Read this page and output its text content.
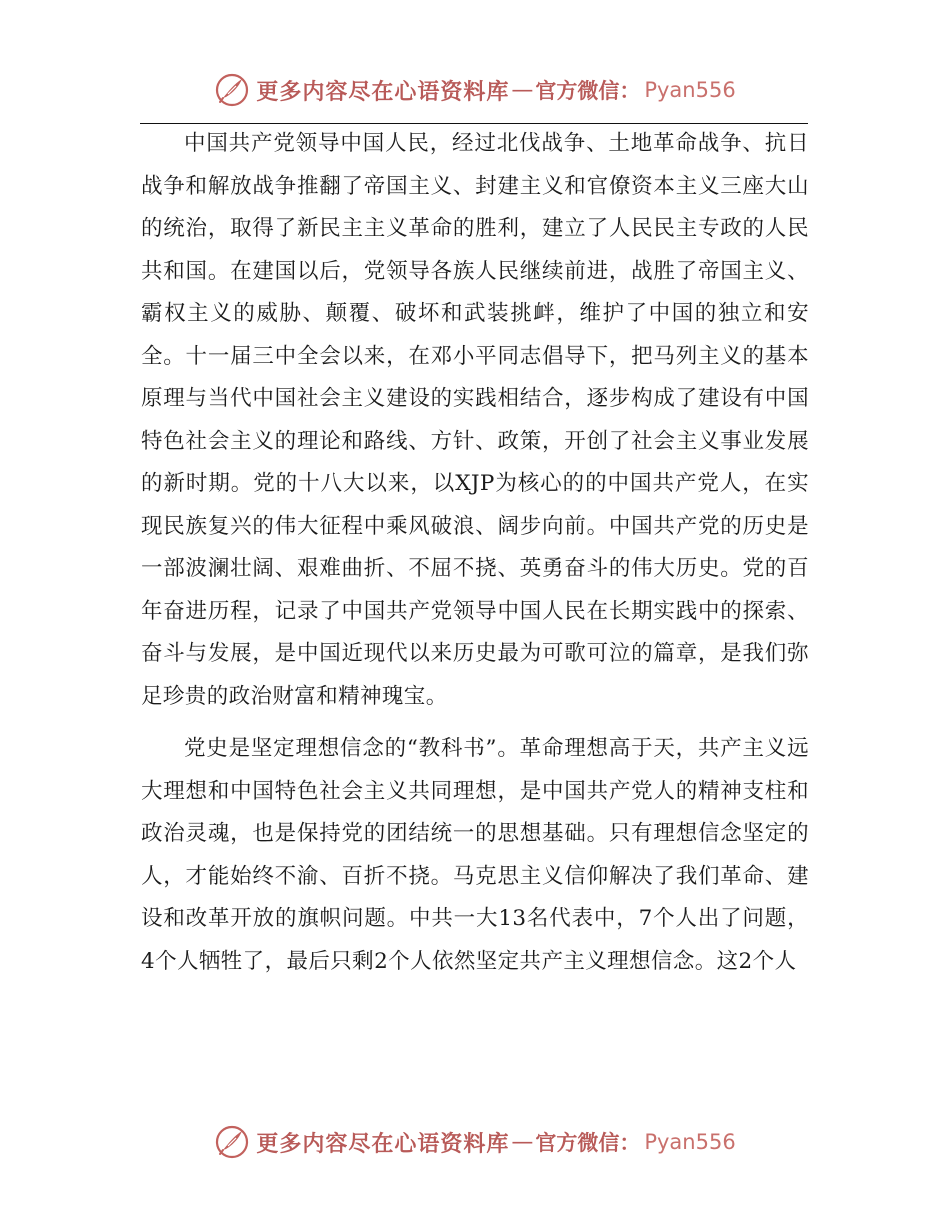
更多内容尽在心语资料库 — 官方微信： Pyan556

中国共产党领导中国人民，经过北伐战争、土地革命战争、抗日战争和解放战争推翻了帝国主义、封建主义和官僚资本主义三座大山的统治，取得了新民主主义革命的胜利，建立了人民民主专政的人民共和国。在建国以后，党领导各族人民继续前进，战胜了帝国主义、霸权主义的威胁、颠覆、破坏和武装挑衅，维护了中国的独立和安全。十一届三中全会以来，在邓小平同志倡导下，把马列主义的基本原理与当代中国社会主义建设的实践相结合，逐步构成了建设有中国特色社会主义的理论和路线、方针、政策，开创了社会主义事业发展的新时期。党的十八大以来，以XJP为核心的的中国共产党人，在实现民族复兴的伟大征程中乘风破浪、阔步向前。中国共产党的历史是一部波澜壮阔、艰难曲折、不屈不挠、英勇奋斗的伟大历史。党的百年奋进历程，记录了中国共产党领导中国人民在长期实践中的探索、奋斗与发展，是中国近现代以来历史最为可歌可泣的篇章，是我们弥足珍贵的政治财富和精神瑰宝。

党史是坚定理想信念的“教科书”。革命理想高于天，共产主义远大理想和中国特色社会主义共同理想，是中国共产党人的精神支柱和政治灵魂，也是保持党的团结统一的思想基础。只有理想信念坚定的人，才能始终不渝、百折不挠。马克思主义信仰解决了我们革命、建设和改革开放的旗帜问题。中共一大13名代表中，7个人出了问题，4个人牺牲了，最后只剩2个人依然坚定共产主义理想信念。这2个人

更多内容尽在心语资料库 — 官方微信： Pyan556
